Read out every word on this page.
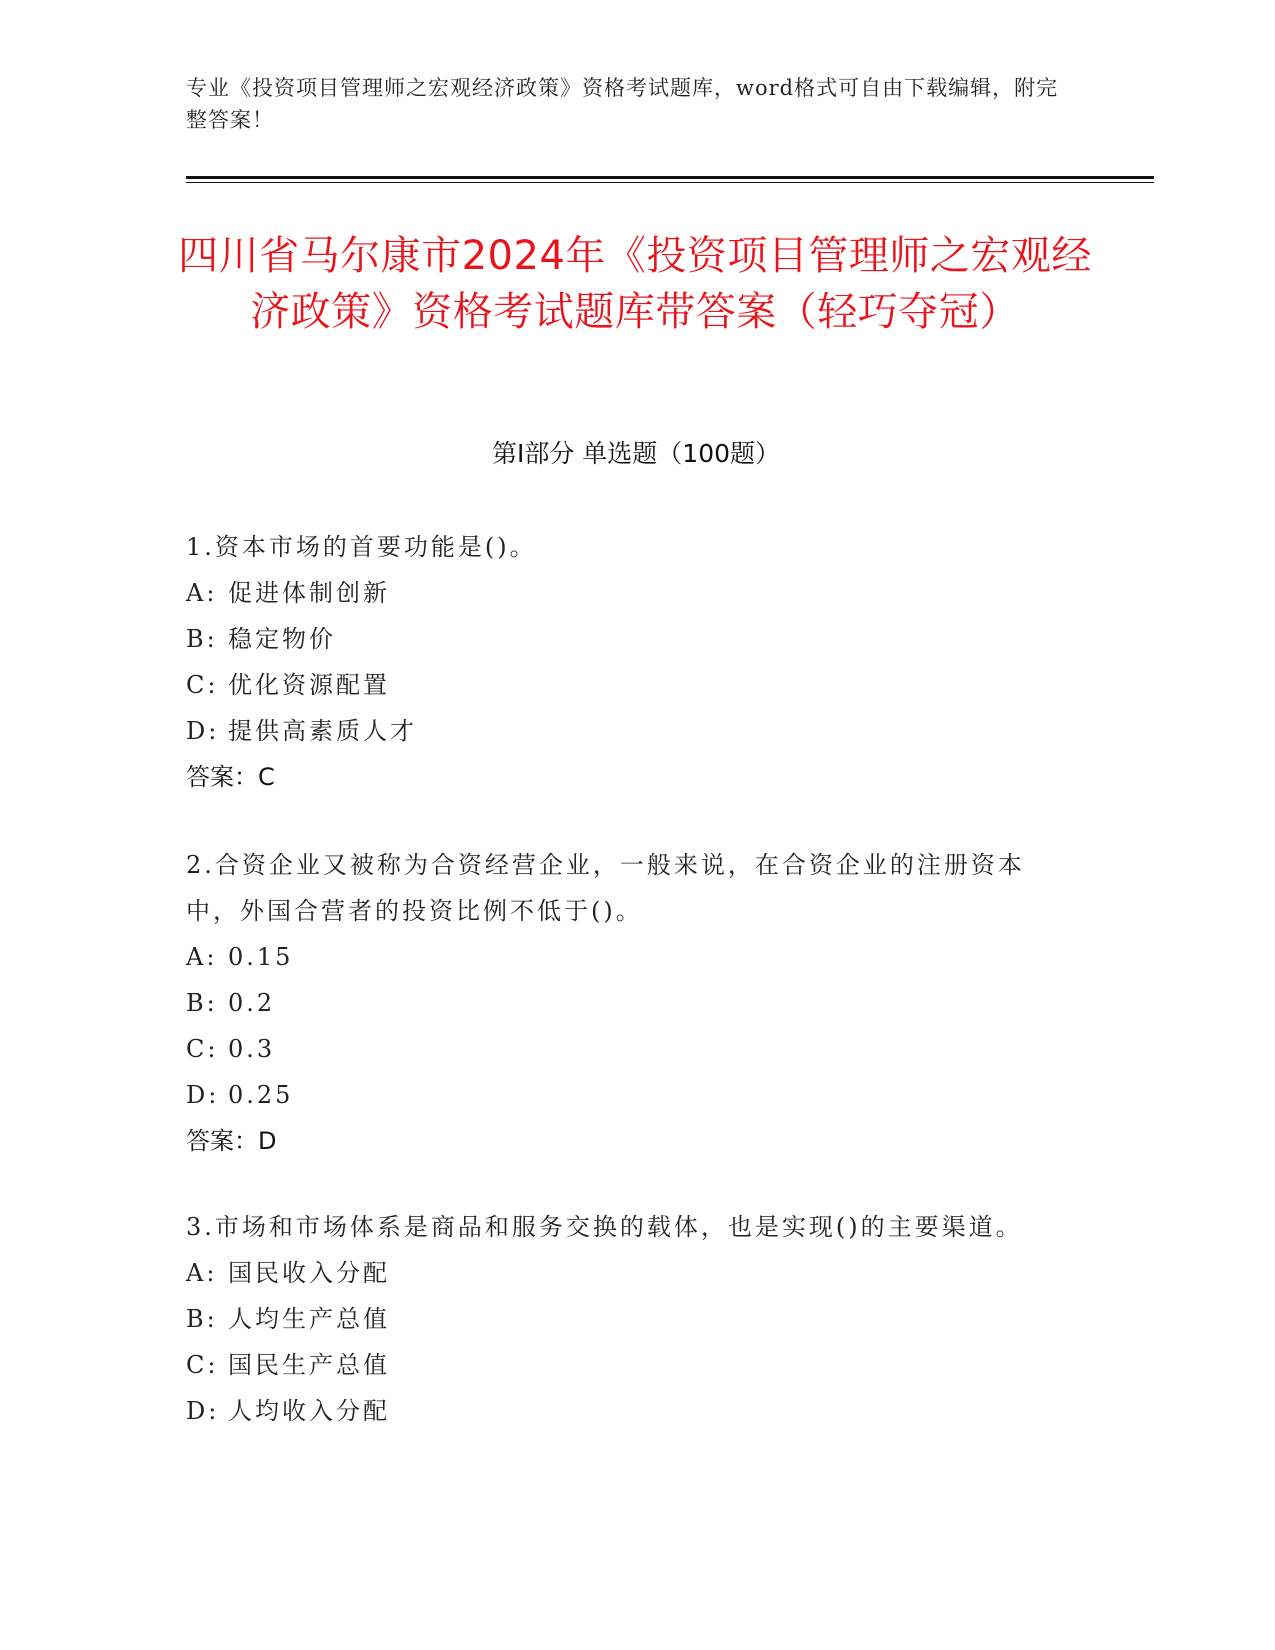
专业《投资项目管理师之宏观经济政策》资格考试题库，word格式可自由下载编辑，附完整答案！
四川省马尔康市2024年《投资项目管理师之宏观经济政策》资格考试题库带答案（轻巧夺冠）
第I部分 单选题（100题）

1.资本市场的首要功能是()。

A: 促进体制创新

B: 稳定物价

C: 优化资源配置

D: 提供高素质人才

答案：C

2.合资企业又被称为合资经营企业，一般来说，在合资企业的注册资本中，外国合营者的投资比例不低于()。

A: 0.15

B: 0.2

C: 0.3

D: 0.25

答案：D

3.市场和市场体系是商品和服务交换的载体，也是实现()的主要渠道。

A: 国民收入分配

B: 人均生产总值

C: 国民生产总值

D: 人均收入分配
